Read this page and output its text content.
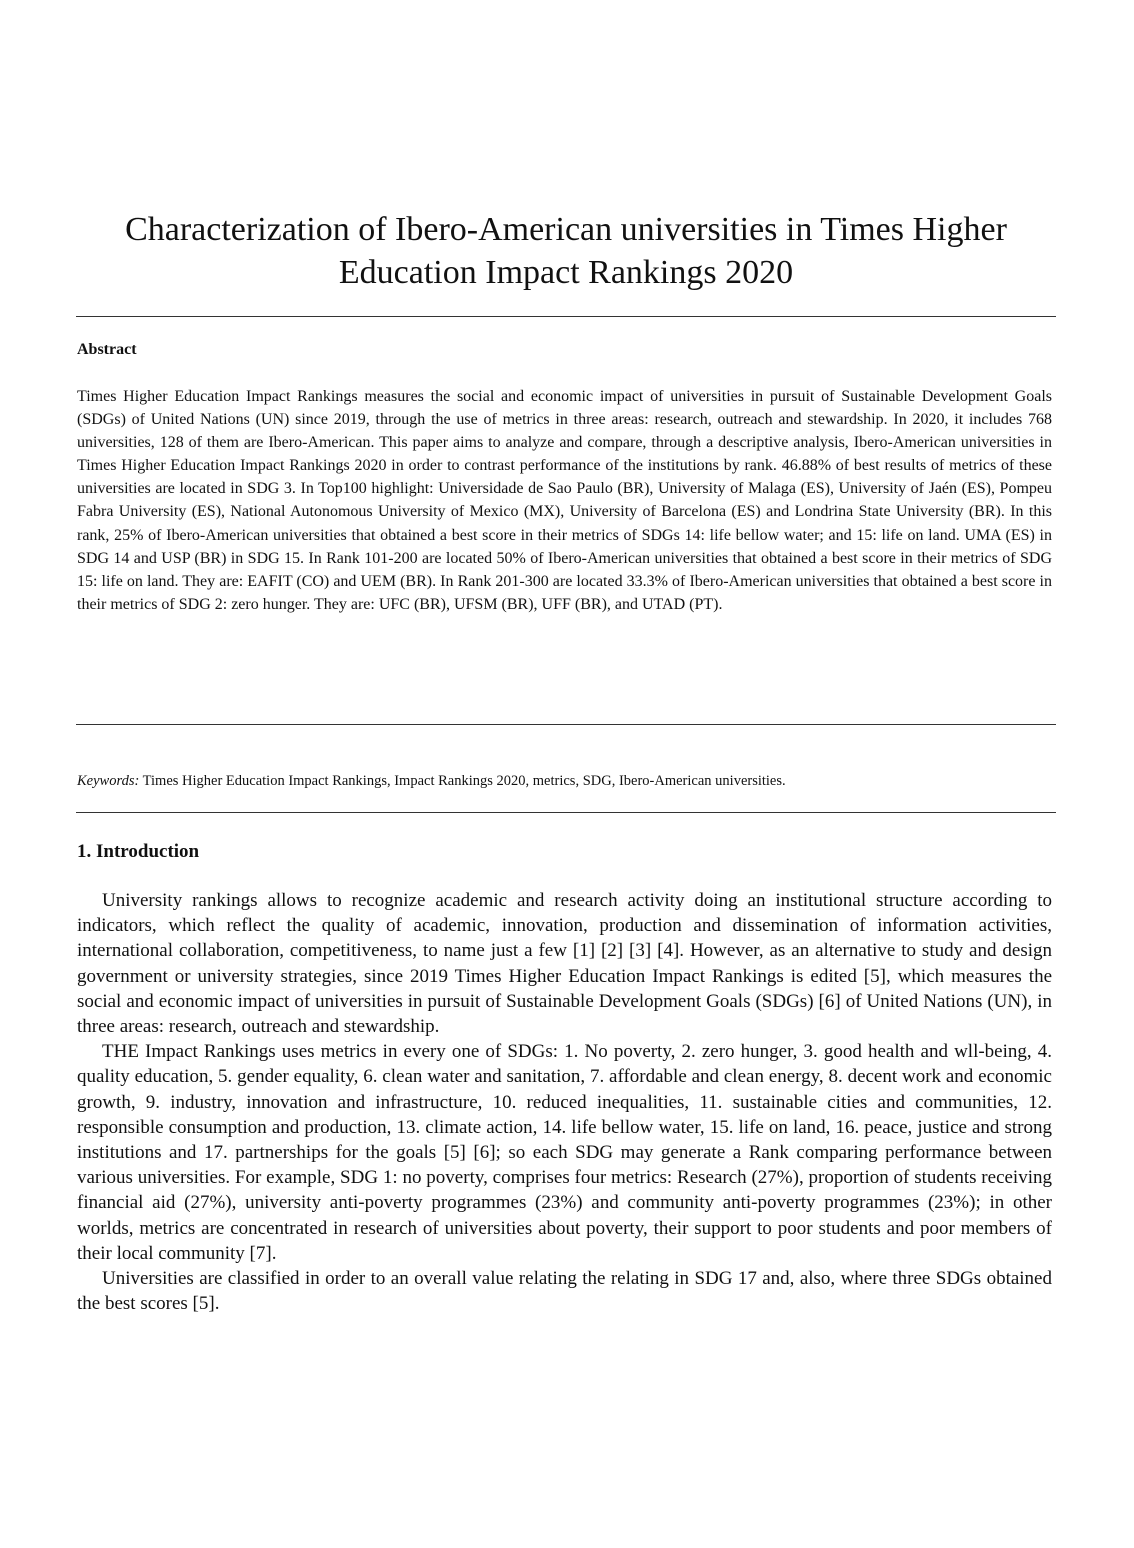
Characterization of Ibero-American universities in Times Higher Education Impact Rankings 2020
Abstract

Times Higher Education Impact Rankings measures the social and economic impact of universities in pursuit of Sustainable Development Goals (SDGs) of United Nations (UN) since 2019, through the use of metrics in three areas: research, outreach and stewardship. In 2020, it includes 768 universities, 128 of them are Ibero-American. This paper aims to analyze and compare, through a descriptive analysis, Ibero-American universities in Times Higher Education Impact Rankings 2020 in order to contrast performance of the institutions by rank. 46.88% of best results of metrics of these universities are located in SDG 3. In Top100 highlight: Universidade de Sao Paulo (BR), University of Malaga (ES), University of Jaén (ES), Pompeu Fabra University (ES), National Autonomous University of Mexico (MX), University of Barcelona (ES) and Londrina State University (BR). In this rank, 25% of Ibero-American universities that obtained a best score in their metrics of SDGs 14: life bellow water; and 15: life on land. UMA (ES) in SDG 14 and USP (BR) in SDG 15. In Rank 101-200 are located 50% of Ibero-American universities that obtained a best score in their metrics of SDG 15: life on land. They are: EAFIT (CO) and UEM (BR). In Rank 201-300 are located 33.3% of Ibero-American universities that obtained a best score in their metrics of SDG 2: zero hunger. They are: UFC (BR), UFSM (BR), UFF (BR), and UTAD (PT).

Keywords: Times Higher Education Impact Rankings, Impact Rankings 2020, metrics, SDG, Ibero-American universities.

1. Introduction

University rankings allows to recognize academic and research activity doing an institutional structure according to indicators, which reflect the quality of academic, innovation, production and dissemination of information activities, international collaboration, competitiveness, to name just a few [1] [2] [3] [4]. However, as an alternative to study and design government or university strategies, since 2019 Times Higher Education Impact Rankings is edited [5], which measures the social and economic impact of universities in pursuit of Sustainable Development Goals (SDGs) [6] of United Nations (UN), in three areas: research, outreach and stewardship.

THE Impact Rankings uses metrics in every one of SDGs: 1. No poverty, 2. zero hunger, 3. good health and wll-being, 4. quality education, 5. gender equality, 6. clean water and sanitation, 7. affordable and clean energy, 8. decent work and economic growth, 9. industry, innovation and infrastructure, 10. reduced inequalities, 11. sustainable cities and communities, 12. responsible consumption and production, 13. climate action, 14. life bellow water, 15. life on land, 16. peace, justice and strong institutions and 17. partnerships for the goals [5] [6]; so each SDG may generate a Rank comparing performance between various universities. For example, SDG 1: no poverty, comprises four metrics: Research (27%), proportion of students receiving financial aid (27%), university anti-poverty programmes (23%) and community anti-poverty programmes (23%); in other worlds, metrics are concentrated in research of universities about poverty, their support to poor students and poor members of their local community [7].

Universities are classified in order to an overall value relating the relating in SDG 17 and, also, where three SDGs obtained the best scores [5].
